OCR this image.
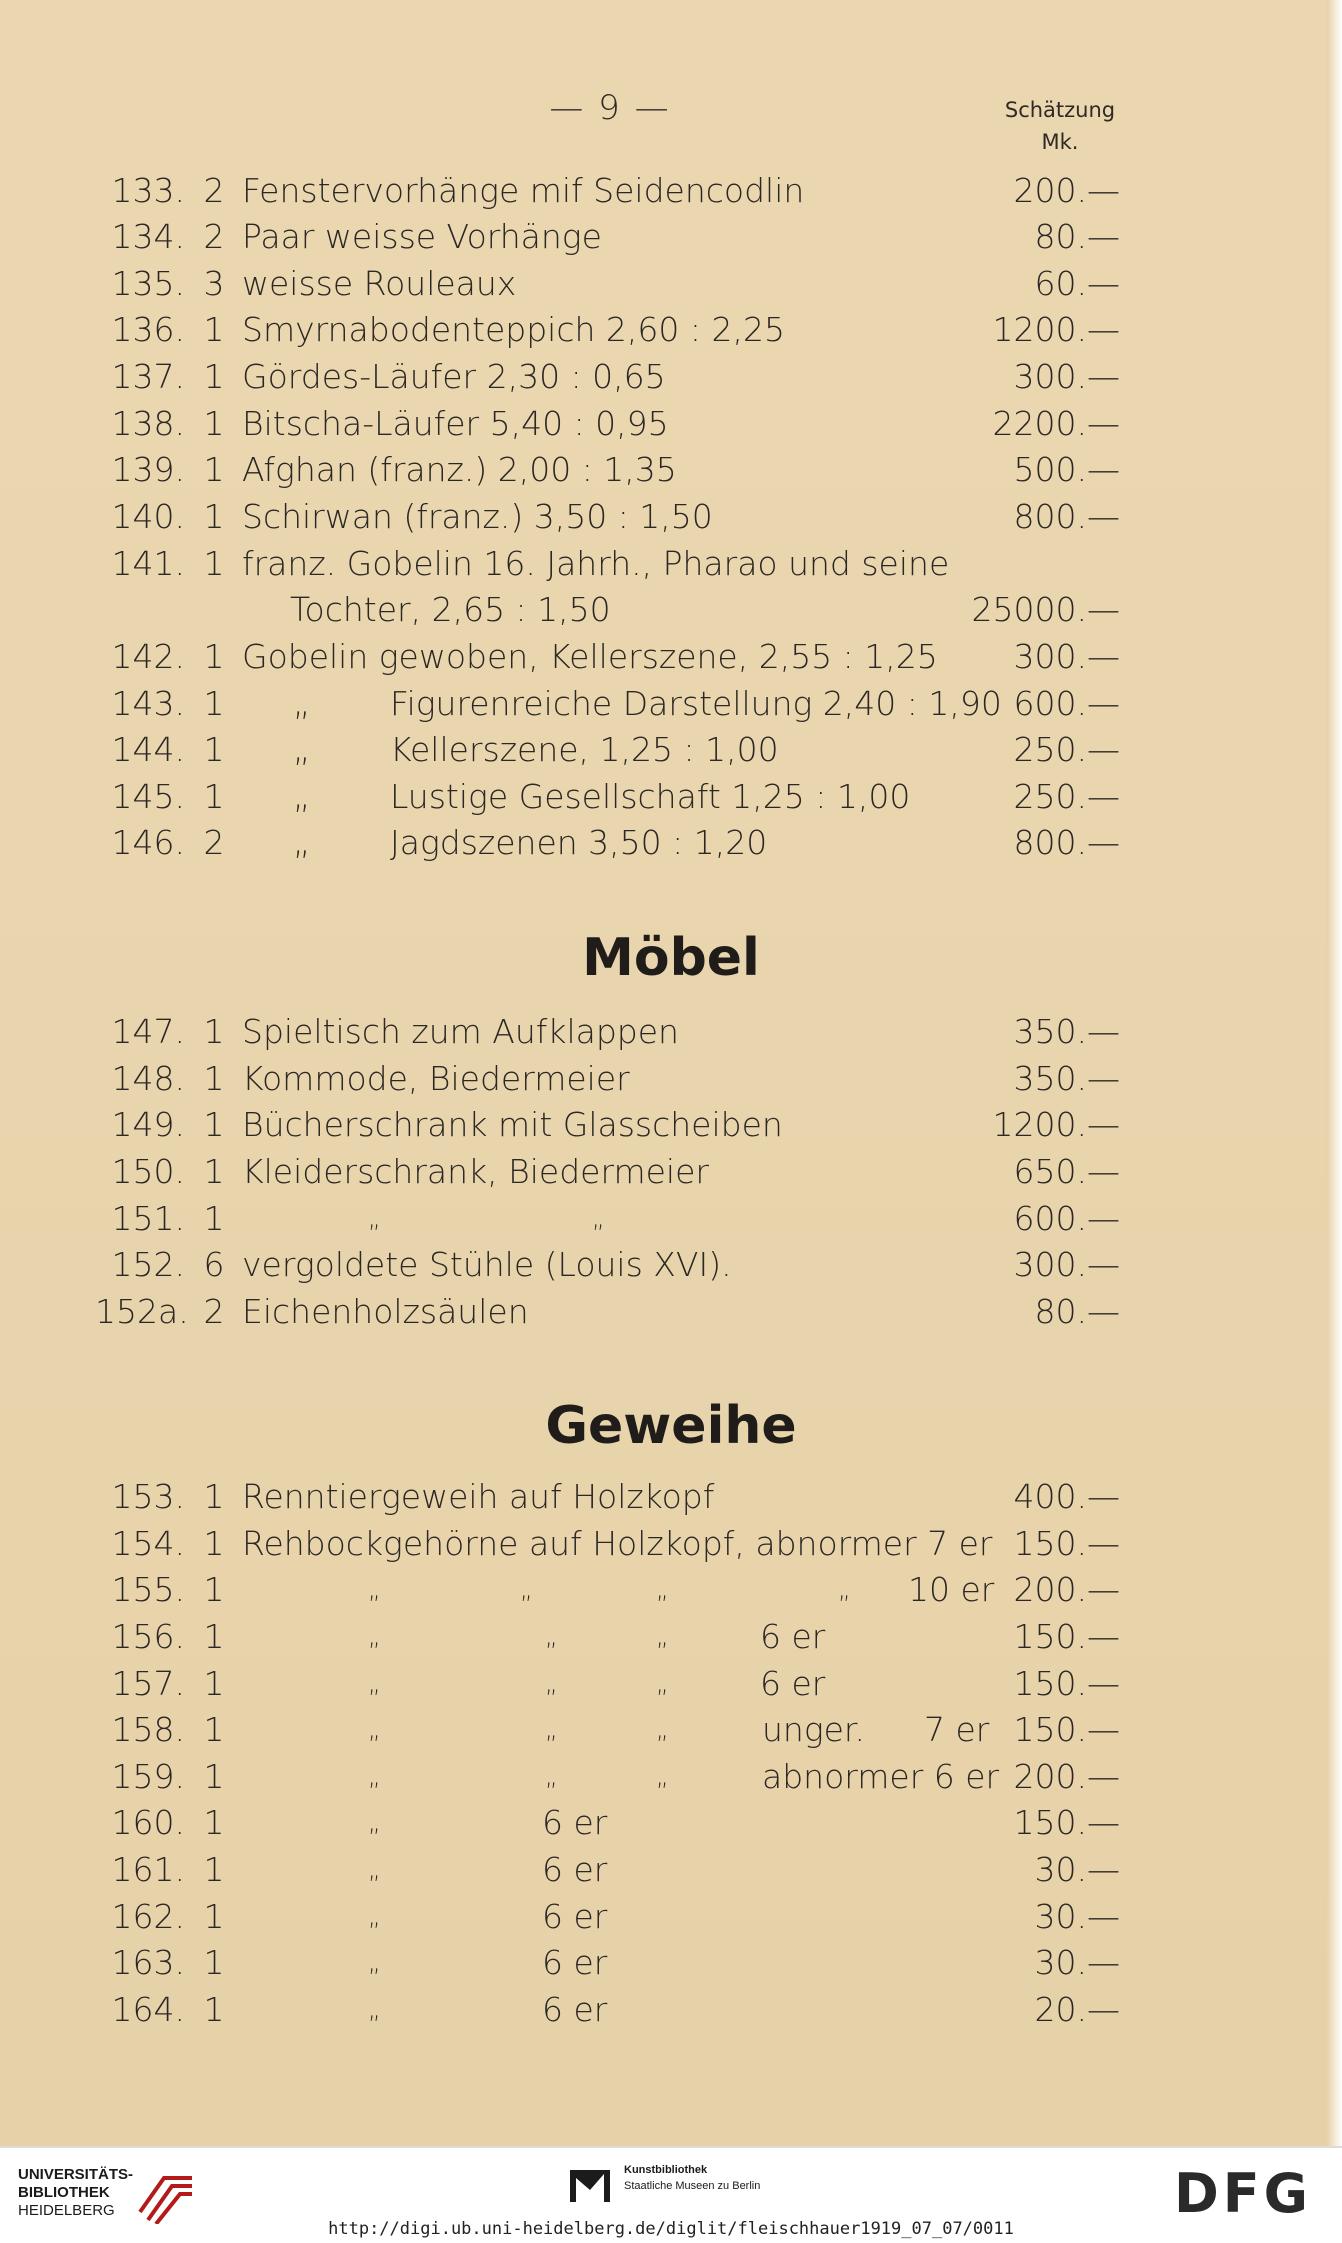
— 9 —	Schätzung
Mk.
133. 2 Fenstervorhänge mif Seidencodlin	200.—
134. 2 Paar weisse Vorhänge	80.—
135. 3 weisse Rouleaux	60.—
136. 1 Smyrnabodenteppich 2,60 : 2,25	1200.—
137. 1 Gördes-Läufer 2,30 : 0,65	300.—
138. 1 Bitscha-Läufer 5,40 : 0,95	2200.—
139. 1 Afghan (franz.) 2,00 : 1,35	500.—
140. 1 Schirwan (franz.) 3,50 : 1,50	800.—
141. 1 franz. Gobelin 16. Jahrh., Pharao und seine
Tochter, 2,65 : 1,50	25000.—
142. 1 Gobelin gewoben, Kellerszene, 2,55 : 1,25	300.—
143. 1 „ Figurenreiche Darstellung 2,40 : 1,90 600.—
144. 1 „ Kellerszene, 1,25 : 1,00	250.—
145. 1 „ Lustige Gesellschaft 1,25 : 1,00	250.—
146. 2 „ Jagdszenen 3,50 : 1,20	800.—
Möbel
147. 1 Spieltisch zum Aufklappen	350.—
148. 1 Kommode, Biedermeier	350.—
149. 1 Bücherschrank mit Glasscheiben	1200.—
150. 1 Kleiderschrank, Biedermeier	650.—
151. 1	„	„	600.—
152. 6 vergoldete Stühle (Louis XVI).	300.—
152a. 2 Eichenholzsäulen	80.—
Geweihe
153. 1 Renntiergeweih auf Holzkopf	400.—
154. 1 Rehbockgehörne auf Holzkopf, abnormer 7 er 150.—
155. 1	„	„	„	„ 10 er 200.—
156. 1	„	„	„	6 er	150.—
157. 1	„	„	„	6 er	150.—
158. 1	„	„	„	unger. 7 er 150.—
159. 1	„	„	„	abnormer 6 er 200.—
160. 1	„	6 er	150.—
161. 1	„	6 er	30.—
162. 1	„	6 er	30.—
163. 1	„	6 er	30.—
164. 1	„	6 er	20.—
UNIVERSITÄTS-
BIBLIOTHEK
HEIDELBERG
Kunstbibliothek
Staatliche Museen zu Berlin	DFG
http://digi.ub.uni-heidelberg.de/diglit/fleischhauer1919_07_07/0011
